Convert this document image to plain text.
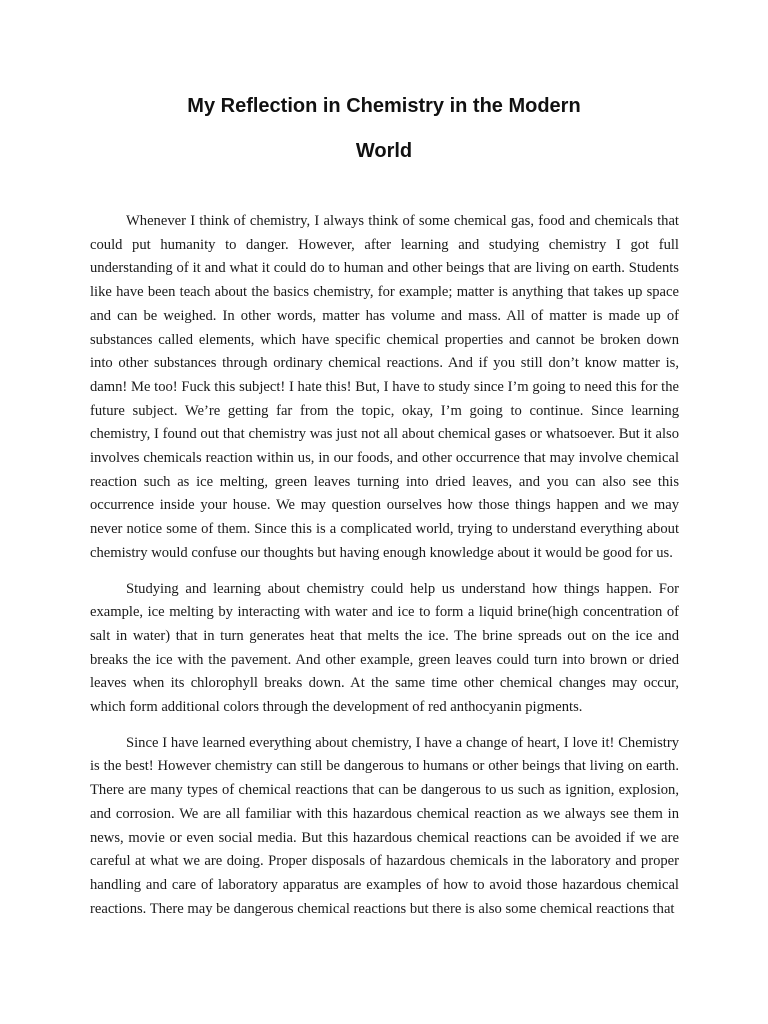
My Reflection in Chemistry in the Modern
World

Whenever I think of chemistry, I always think of some chemical gas, food and chemicals that could put humanity to danger. However, after learning and studying chemistry I got full understanding of it and what it could do to human and other beings that are living on earth. Students like have been teach about the basics chemistry, for example; matter is anything that takes up space and can be weighed. In other words, matter has volume and mass. All of matter is made up of substances called elements, which have specific chemical properties and cannot be broken down into other substances through ordinary chemical reactions. And if you still don’t know matter is, damn! Me too! Fuck this subject! I hate this! But, I have to study since I’m going to need this for the future subject. We’re getting far from the topic, okay, I’m going to continue. Since learning chemistry, I found out that chemistry was just not all about chemical gases or whatsoever. But it also involves chemicals reaction within us, in our foods, and other occurrence that may involve chemical reaction such as ice melting, green leaves turning into dried leaves, and you can also see this occurrence inside your house. We may question ourselves how those things happen and we may never notice some of them. Since this is a complicated world, trying to understand everything about chemistry would confuse our thoughts but having enough knowledge about it would be good for us.

Studying and learning about chemistry could help us understand how things happen. For example, ice melting by interacting with water and ice to form a liquid brine(high concentration of salt in water) that in turn generates heat that melts the ice. The brine spreads out on the ice and breaks the ice with the pavement. And other example, green leaves could turn into brown or dried leaves when its chlorophyll breaks down. At the same time other chemical changes may occur, which form additional colors through the development of red anthocyanin pigments.

Since I have learned everything about chemistry, I have a change of heart, I love it! Chemistry is the best! However chemistry can still be dangerous to humans or other beings that living on earth. There are many types of chemical reactions that can be dangerous to us such as ignition, explosion, and corrosion. We are all familiar with this hazardous chemical reaction as we always see them in news, movie or even social media. But this hazardous chemical reactions can be avoided if we are careful at what we are doing. Proper disposals of hazardous chemicals in the laboratory and proper handling and care of laboratory apparatus are examples of how to avoid those hazardous chemical reactions. There may be dangerous chemical reactions but there is also some chemical reactions that
